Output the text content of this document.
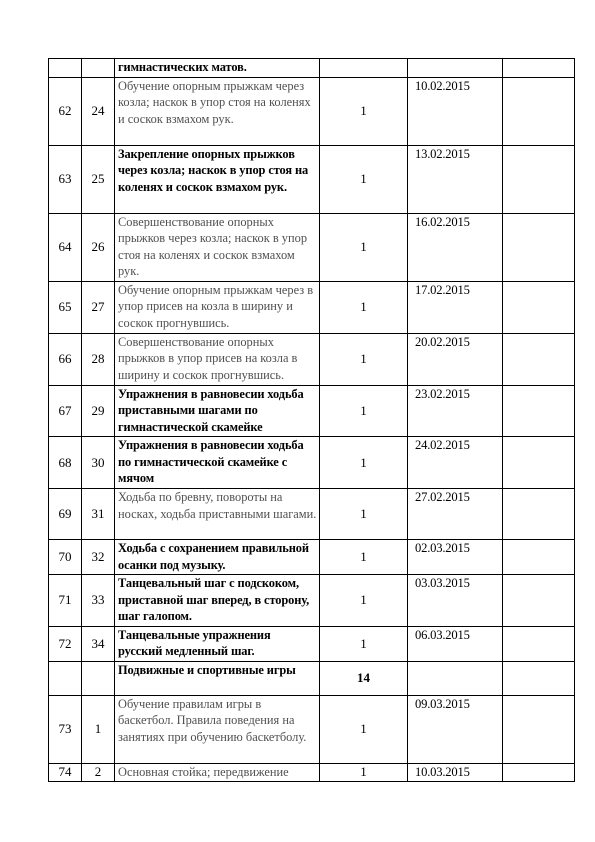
		гимнастических матов.			
62	24	Обучение опорным прыжкам через козла; наскок в упор стоя на коленях и соскок взмахом рук.	1	10.02.2015	
63	25	Закрепление опорных прыжков через козла; наскок в упор стоя на коленях и соскок взмахом рук.	1	13.02.2015	
64	26	Совершенствование опорных прыжков через козла; наскок в упор стоя на коленях и соскок взмахом рук.	1	16.02.2015	
65	27	Обучение опорным прыжкам через в упор присев на козла в ширину и соскок прогнувшись.	1	17.02.2015	
66	28	Совершенствование опорных прыжков в упор присев на козла в ширину и соскок прогнувшись.	1	20.02.2015	
67	29	Упражнения в равновесии ходьба приставными шагами по гимнастической скамейке	1	23.02.2015	
68	30	Упражнения в равновесии ходьба по гимнастической скамейке с мячом	1	24.02.2015	
69	31	Ходьба по бревну, повороты на носках, ходьба приставными шагами.	1	27.02.2015	
70	32	Ходьба с сохранением правильной осанки под музыку.	1	02.03.2015	
71	33	Танцевальный шаг с подскоком, приставной шаг вперед, в сторону, шаг галопом.	1	03.03.2015	
72	34	Танцевальные упражнения русский медленный шаг.	1	06.03.2015	
		Подвижные и спортивные игры	14		
73	1	Обучение правилам игры в баскетбол. Правила поведения на занятиях при обучению баскетболу.	1	09.03.2015	
74	2	Основная стойка; передвижение	1	10.03.2015	
